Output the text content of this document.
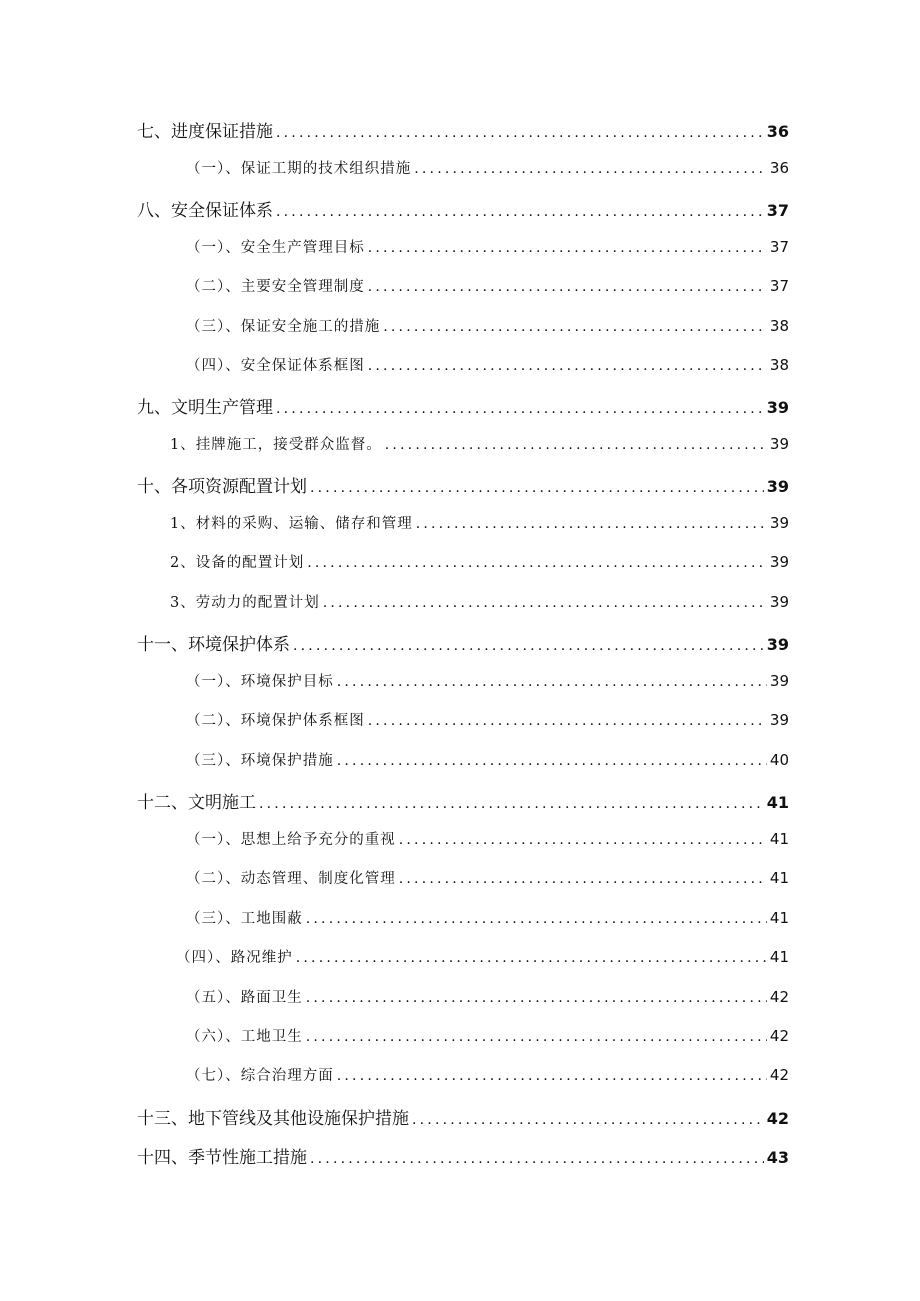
七、进度保证措施 .....	36
（一）、保证工期的技术组织措施 .....	36
八、安全保证体系 .....	37
（一）、安全生产管理目标 .....	37
（二）、主要安全管理制度 .....	37
（三）、保证安全施工的措施 .....	38
（四）、安全保证体系框图 .....	38
九、文明生产管理 .....	39
1、挂牌施工，接受群众监督。 .....	39
十、各项资源配置计划 .....	39
1、材料的采购、运输、储存和管理 .....	39
2、设备的配置计划 .....	39
3、劳动力的配置计划 .....	39
十一、环境保护体系 .....	39
（一）、环境保护目标 .....	39
（二）、环境保护体系框图 .....	39
（三）、环境保护措施 .....	40
十二、文明施工 .....	41
（一）、思想上给予充分的重视 .....	41
（二）、动态管理、制度化管理 .....	41
（三）、工地围蔽 .....	41
（四）、路况维护 .....	41
（五）、路面卫生 .....	42
（六）、工地卫生 .....	42
（七）、综合治理方面 .....	42
十三、地下管线及其他设施保护措施 .....	42
十四、季节性施工措施 .....	43
